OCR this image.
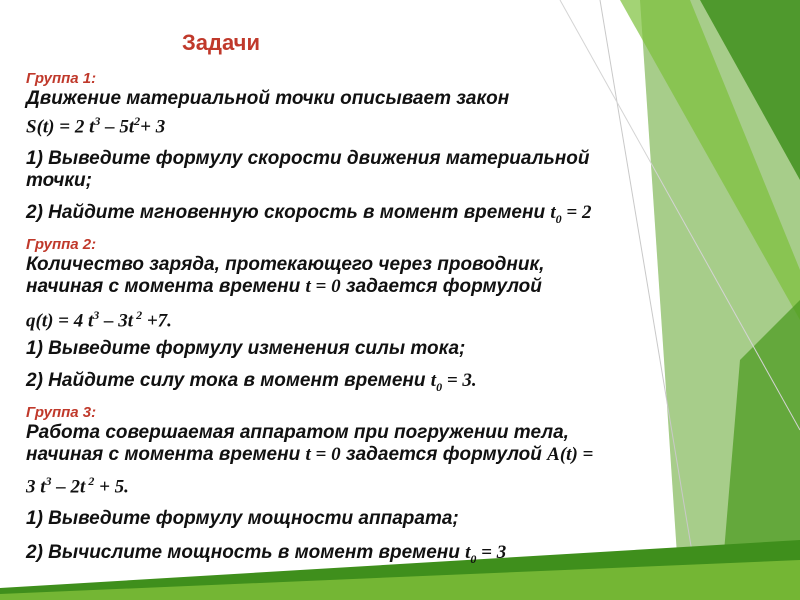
Задачи
Группа 1:
Движение материальной точки описывает закон
S(t) = 2 $t^3 - 5t^2+ 3$
1) Выведите формулу скорости движения материальной
точки;
2) Найдите мгновенную скорость в момент времени $t_0 = 2$
Группа 2:
Количество заряда, протекающего через проводник,
начиная с момента времени t = 0 задается формулой
q(t) = 4 $t^3 - 3t$ $^2$ +7.
1) Выведите формулу изменения силы тока;
2) Найдите силу тока в момент времени $t_0 = 3$.
Группа 3:
Работа совершаемая аппаратом при погружении тела,
начиная с момента времени t = 0 задается формулой A(t) =
3 $t^3 - 2t$ $^2$ + 5.
1) Выведите формулу мощности аппарата;
2) Вычислите мощность в момент времени $t_0 = 3$
